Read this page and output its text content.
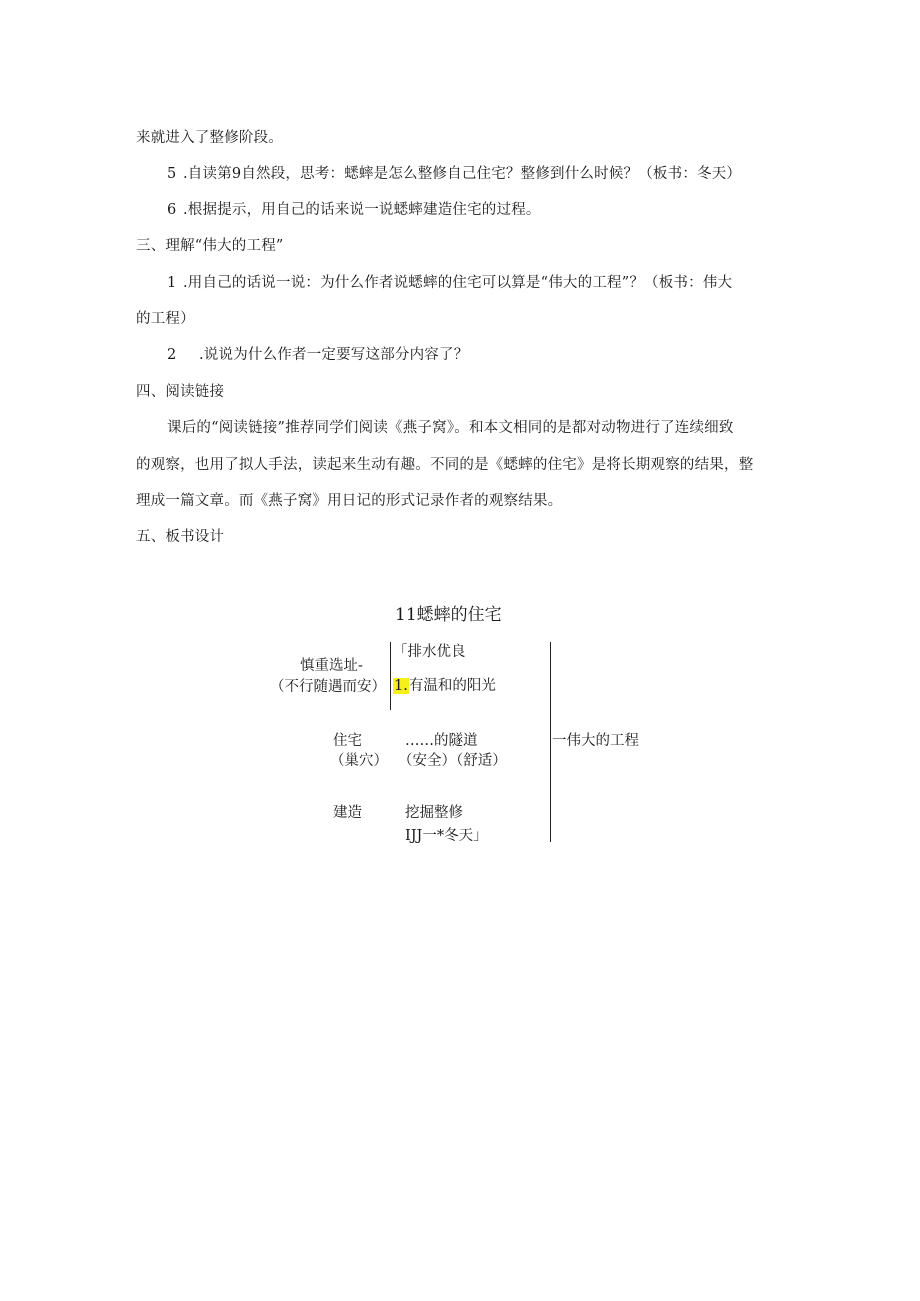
来就进入了整修阶段。
5 .自读第9自然段，思考：蟋蟀是怎么整修自己住宅？整修到什么时候？（板书：冬天）
6 .根据提示，用自己的话来说一说蟋蟀建造住宅的过程。
三、理解“伟大的工程”
1 .用自己的话说一说：为什么作者说蟋蟀的住宅可以算是“伟大的工程”？（板书：伟大
的工程）
2 .说说为什么作者一定要写这部分内容了？
四、阅读链接
课后的“阅读链接”推荐同学们阅读《燕子窝》。和本文相同的是都对动物进行了连续细致
的观察，也用了拟人手法，读起来生动有趣。不同的是《蟋蟀的住宅》是将长期观察的结果，整
理成一篇文章。而《燕子窝》用日记的形式记录作者的观察结果。
五、板书设计
11蟋蟀的住宅
慎重选址-
（不行随遇而安）
「排水优良
1.有温和的阳光
住宅
（巢穴）
……的隧道
（安全）（舒适）
建造	挖掘整修
IJJ一*冬天」
一伟大的工程
